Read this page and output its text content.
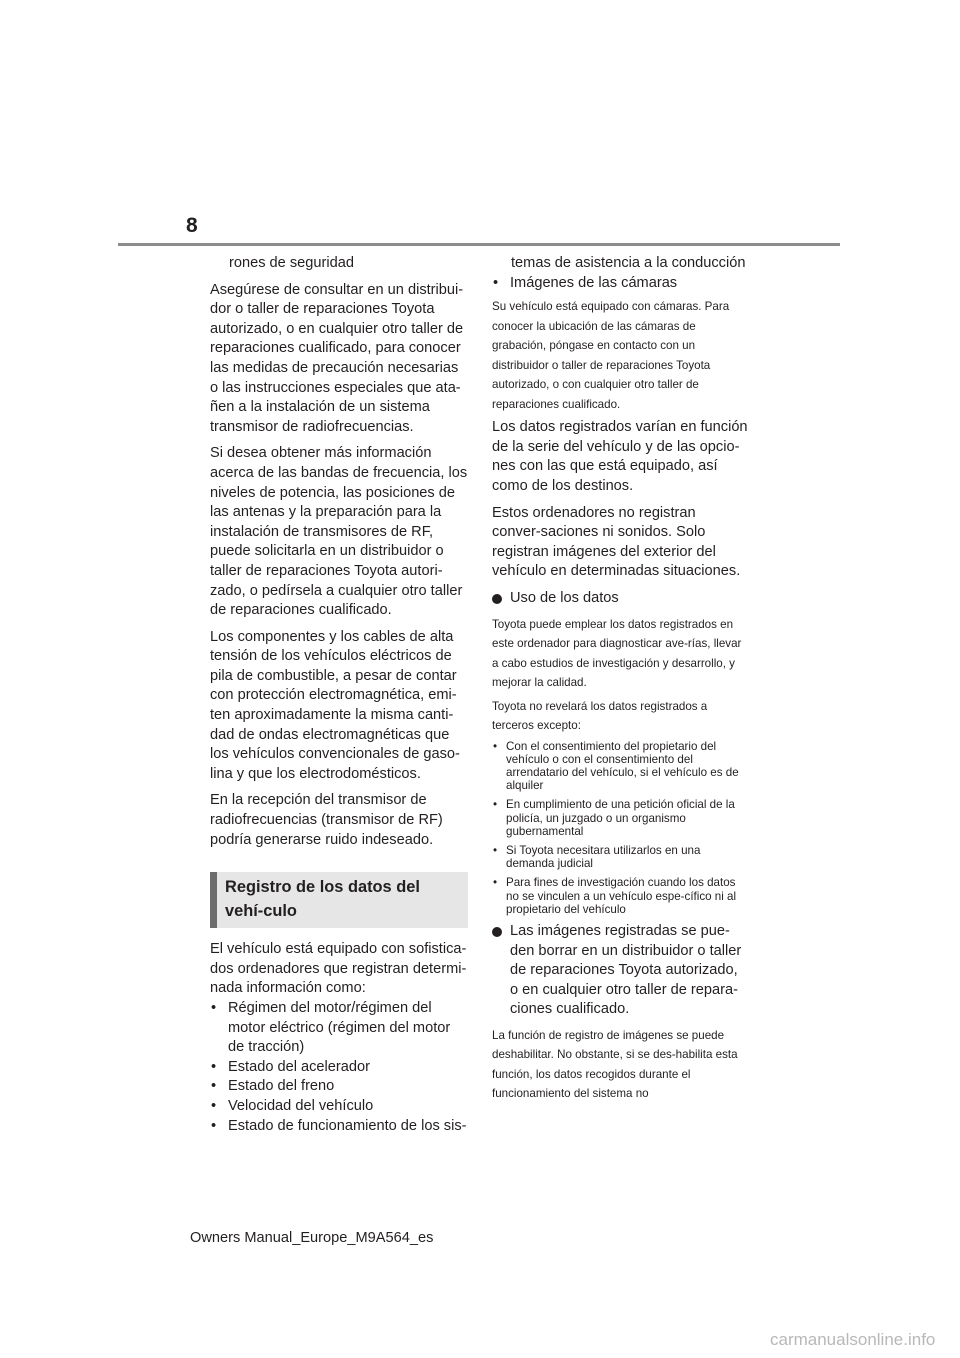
8

rones de seguridad

Asegúrese de consultar en un distribui-dor o taller de reparaciones Toyota autorizado, o en cualquier otro taller de reparaciones cualificado, para conocer las medidas de precaución necesarias o las instrucciones especiales que ata-ñen a la instalación de un sistema transmisor de radiofrecuencias.

Si desea obtener más información acerca de las bandas de frecuencia, los niveles de potencia, las posiciones de las antenas y la preparación para la instalación de transmisores de RF, puede solicitarla en un distribuidor o taller de reparaciones Toyota autori-zado, o pedírsela a cualquier otro taller de reparaciones cualificado.

Los componentes y los cables de alta tensión de los vehículos eléctricos de pila de combustible, a pesar de contar con protección electromagnética, emi-ten aproximadamente la misma canti-dad de ondas electromagnéticas que los vehículos convencionales de gaso-lina y que los electrodomésticos.

En la recepción del transmisor de radiofrecuencias (transmisor de RF) podría generarse ruido indeseado.

Registro de los datos del vehí-culo

El vehículo está equipado con sofistica-dos ordenadores que registran determi-nada información como:

• Régimen del motor/régimen del motor eléctrico (régimen del motor de tracción)
• Estado del acelerador
• Estado del freno
• Velocidad del vehículo
• Estado de funcionamiento de los sis-

temas de asistencia a la conducción

• Imágenes de las cámaras

Su vehículo está equipado con cámaras. Para conocer la ubicación de las cámaras de grabación, póngase en contacto con un distribuidor o taller de reparaciones Toyota autorizado, o con cualquier otro taller de reparaciones cualificado.

Los datos registrados varían en función de la serie del vehículo y de las opcio-nes con las que está equipado, así como de los destinos.

Estos ordenadores no registran conver-saciones ni sonidos. Solo registran imágenes del exterior del vehículo en determinadas situaciones.

Uso de los datos

Toyota puede emplear los datos registrados en este ordenador para diagnosticar ave-rías, llevar a cabo estudios de investigación y desarrollo, y mejorar la calidad.

Toyota no revelará los datos registrados a terceros excepto:

• Con el consentimiento del propietario del vehículo o con el consentimiento del arrendatario del vehículo, si el vehículo es de alquiler
• En cumplimiento de una petición oficial de la policía, un juzgado o un organismo gubernamental
• Si Toyota necesitara utilizarlos en una demanda judicial
• Para fines de investigación cuando los datos no se vinculen a un vehículo espe-cífico ni al propietario del vehículo
Las imágenes registradas se pue-den borrar en un distribuidor o taller de reparaciones Toyota autorizado, o en cualquier otro taller de repara-ciones cualificado.

La función de registro de imágenes se puede deshabilitar. No obstante, si se des-habilita esta función, los datos recogidos durante el funcionamiento del sistema no

Owners Manual_Europe_M9A564_es
carmanualsonline.info
